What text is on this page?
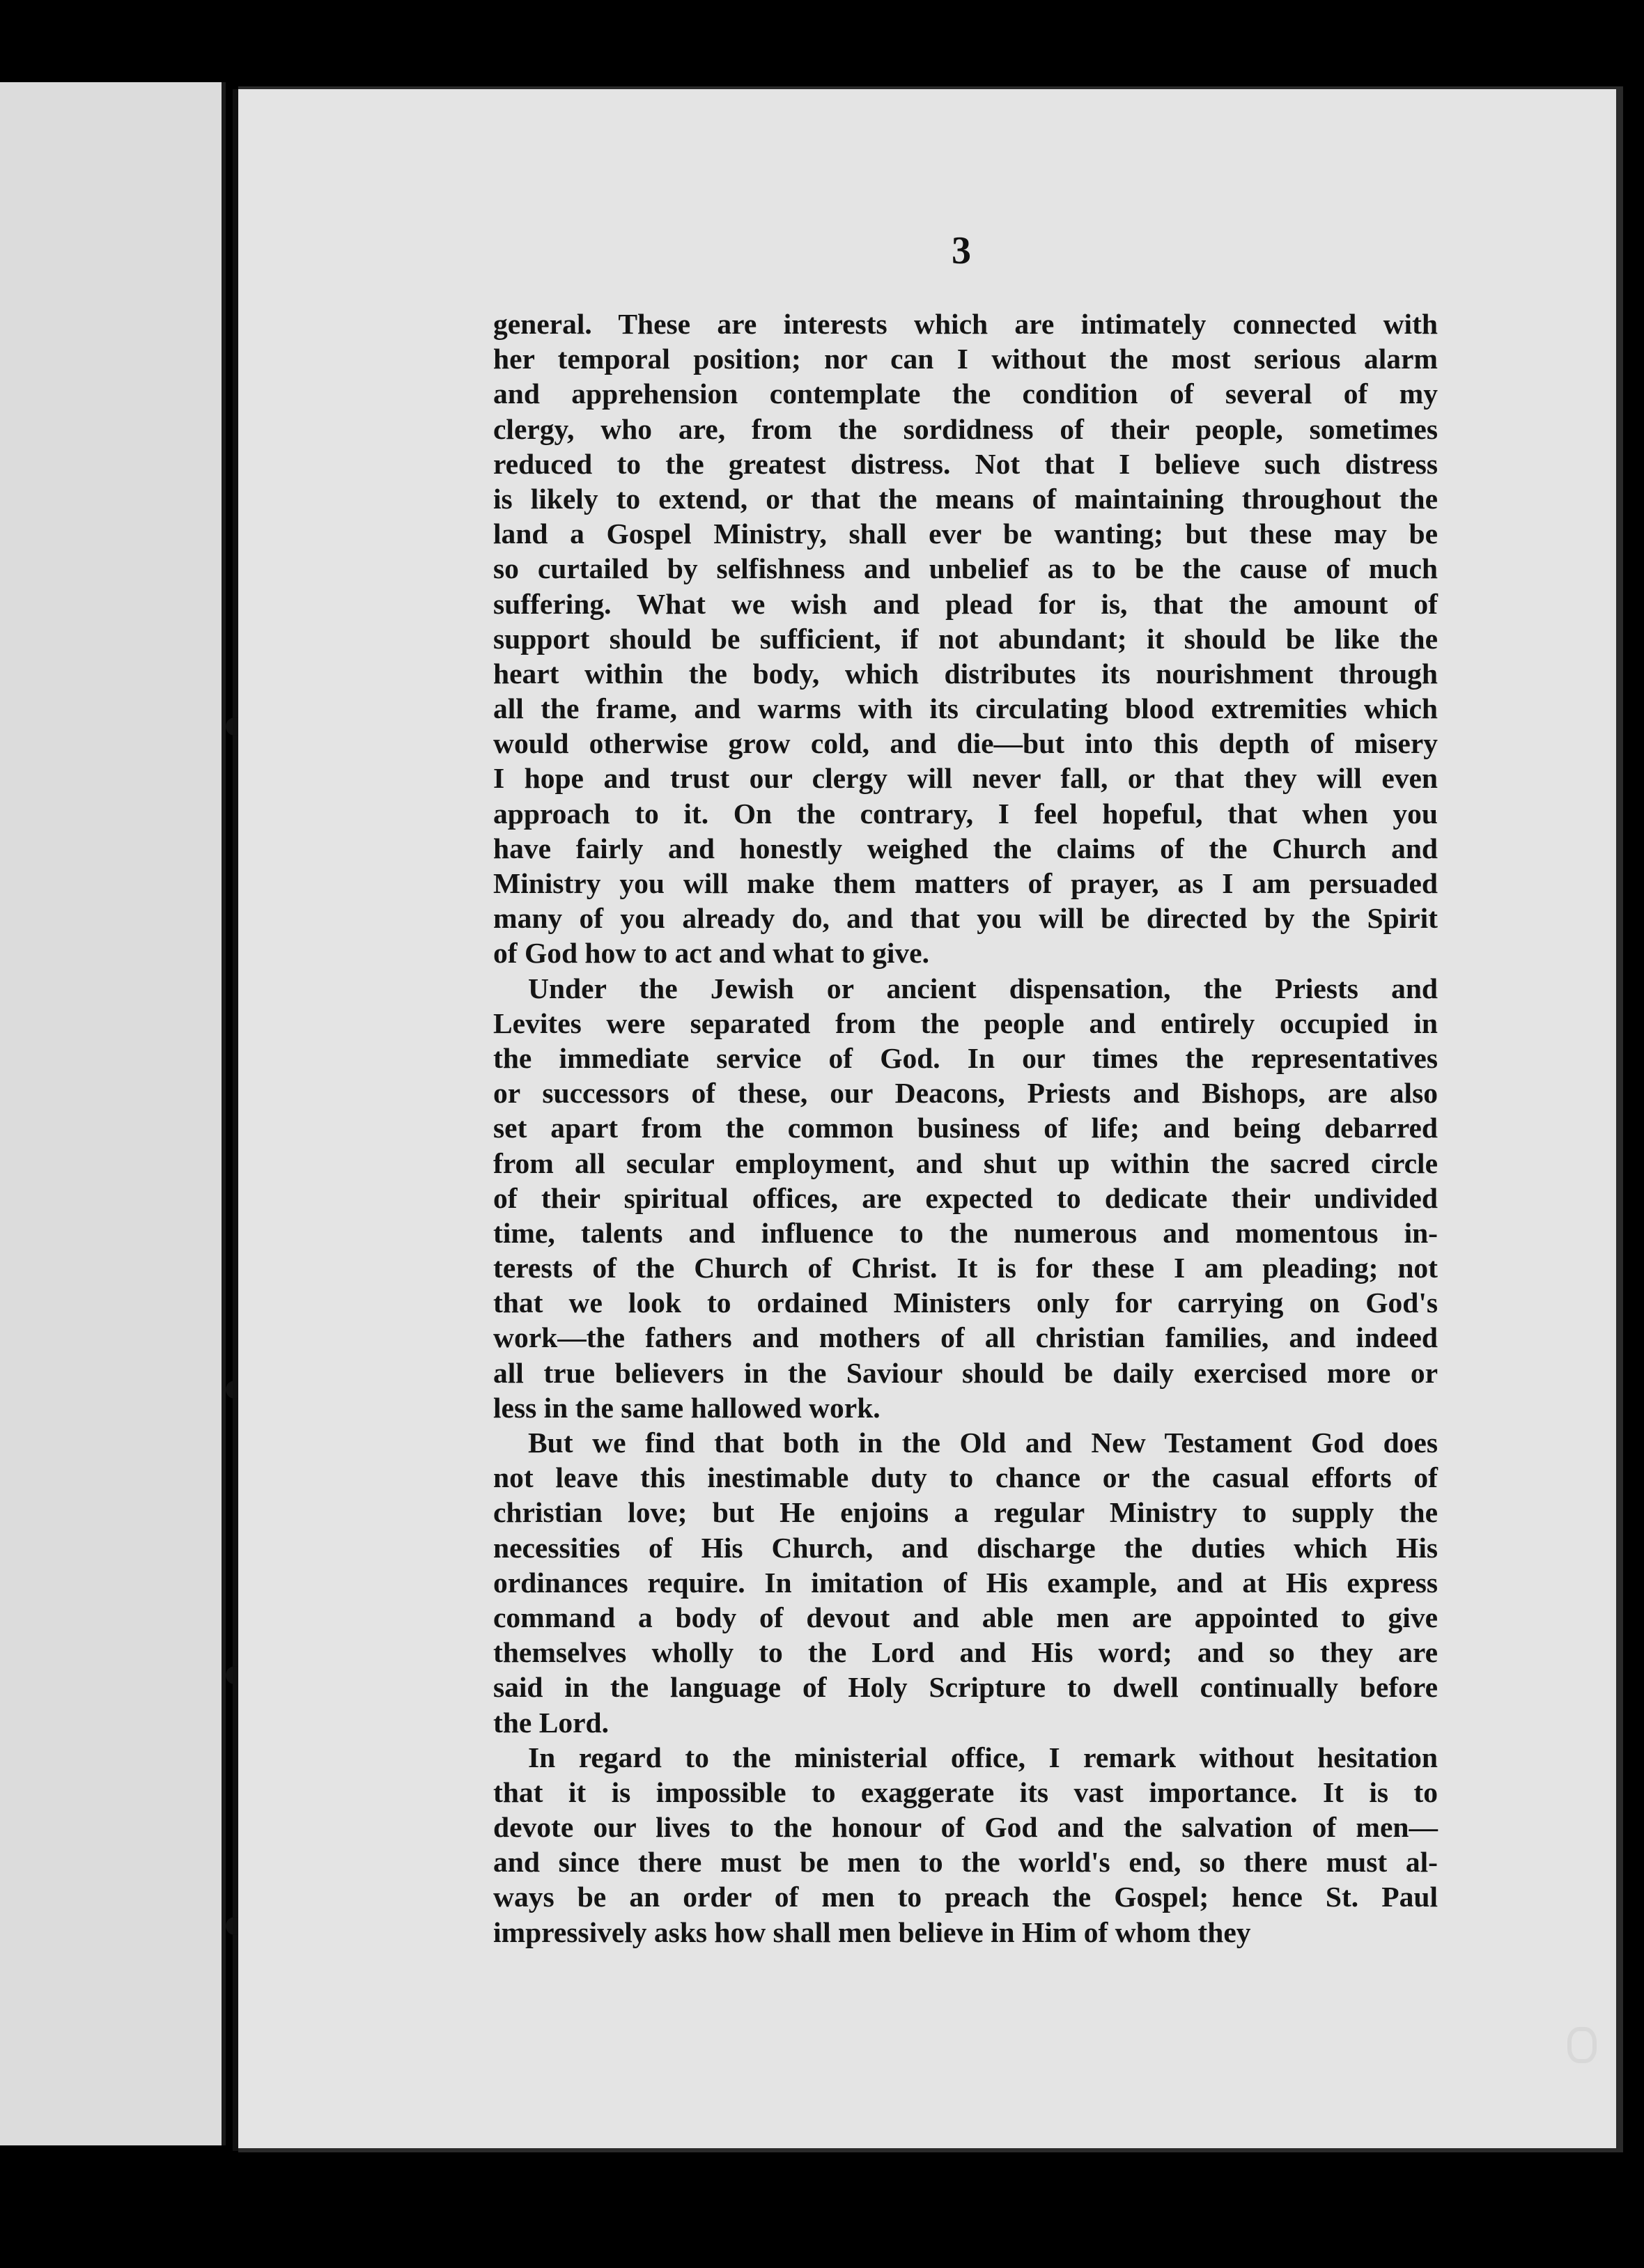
3
general. These are interests which are intimately connected with
her temporal position; nor can I without the most serious alarm
and apprehension contemplate the condition of several of my
clergy, who are, from the sordidness of their people, sometimes
reduced to the greatest distress. Not that I believe such distress
is likely to extend, or that the means of maintaining throughout the
land a Gospel Ministry, shall ever be wanting; but these may be
so curtailed by selfishness and unbelief as to be the cause of much
suffering. What we wish and plead for is, that the amount of
support should be sufficient, if not abundant; it should be like the
heart within the body, which distributes its nourishment through
all the frame, and warms with its circulating blood extremities which
would otherwise grow cold, and die—but into this depth of misery
I hope and trust our clergy will never fall, or that they will even
approach to it. On the contrary, I feel hopeful, that when you
have fairly and honestly weighed the claims of the Church and
Ministry you will make them matters of prayer, as I am persuaded
many of you already do, and that you will be directed by the Spirit
of God how to act and what to give.
Under the Jewish or ancient dispensation, the Priests and
Levites were separated from the people and entirely occupied in
the immediate service of God. In our times the representatives
or successors of these, our Deacons, Priests and Bishops, are also
set apart from the common business of life; and being debarred
from all secular employment, and shut up within the sacred circle
of their spiritual offices, are expected to dedicate their undivided
time, talents and influence to the numerous and momentous in-
terests of the Church of Christ. It is for these I am pleading; not
that we look to ordained Ministers only for carrying on God's
work—the fathers and mothers of all christian families, and indeed
all true believers in the Saviour should be daily exercised more or
less in the same hallowed work.
But we find that both in the Old and New Testament God does
not leave this inestimable duty to chance or the casual efforts of
christian love; but He enjoins a regular Ministry to supply the
necessities of His Church, and discharge the duties which His
ordinances require. In imitation of His example, and at His express
command a body of devout and able men are appointed to give
themselves wholly to the Lord and His word; and so they are
said in the language of Holy Scripture to dwell continually before
the Lord.
In regard to the ministerial office, I remark without hesitation
that it is impossible to exaggerate its vast importance. It is to
devote our lives to the honour of God and the salvation of men—
and since there must be men to the world's end, so there must al-
ways be an order of men to preach the Gospel; hence St. Paul
impressively asks how shall men believe in Him of whom they
